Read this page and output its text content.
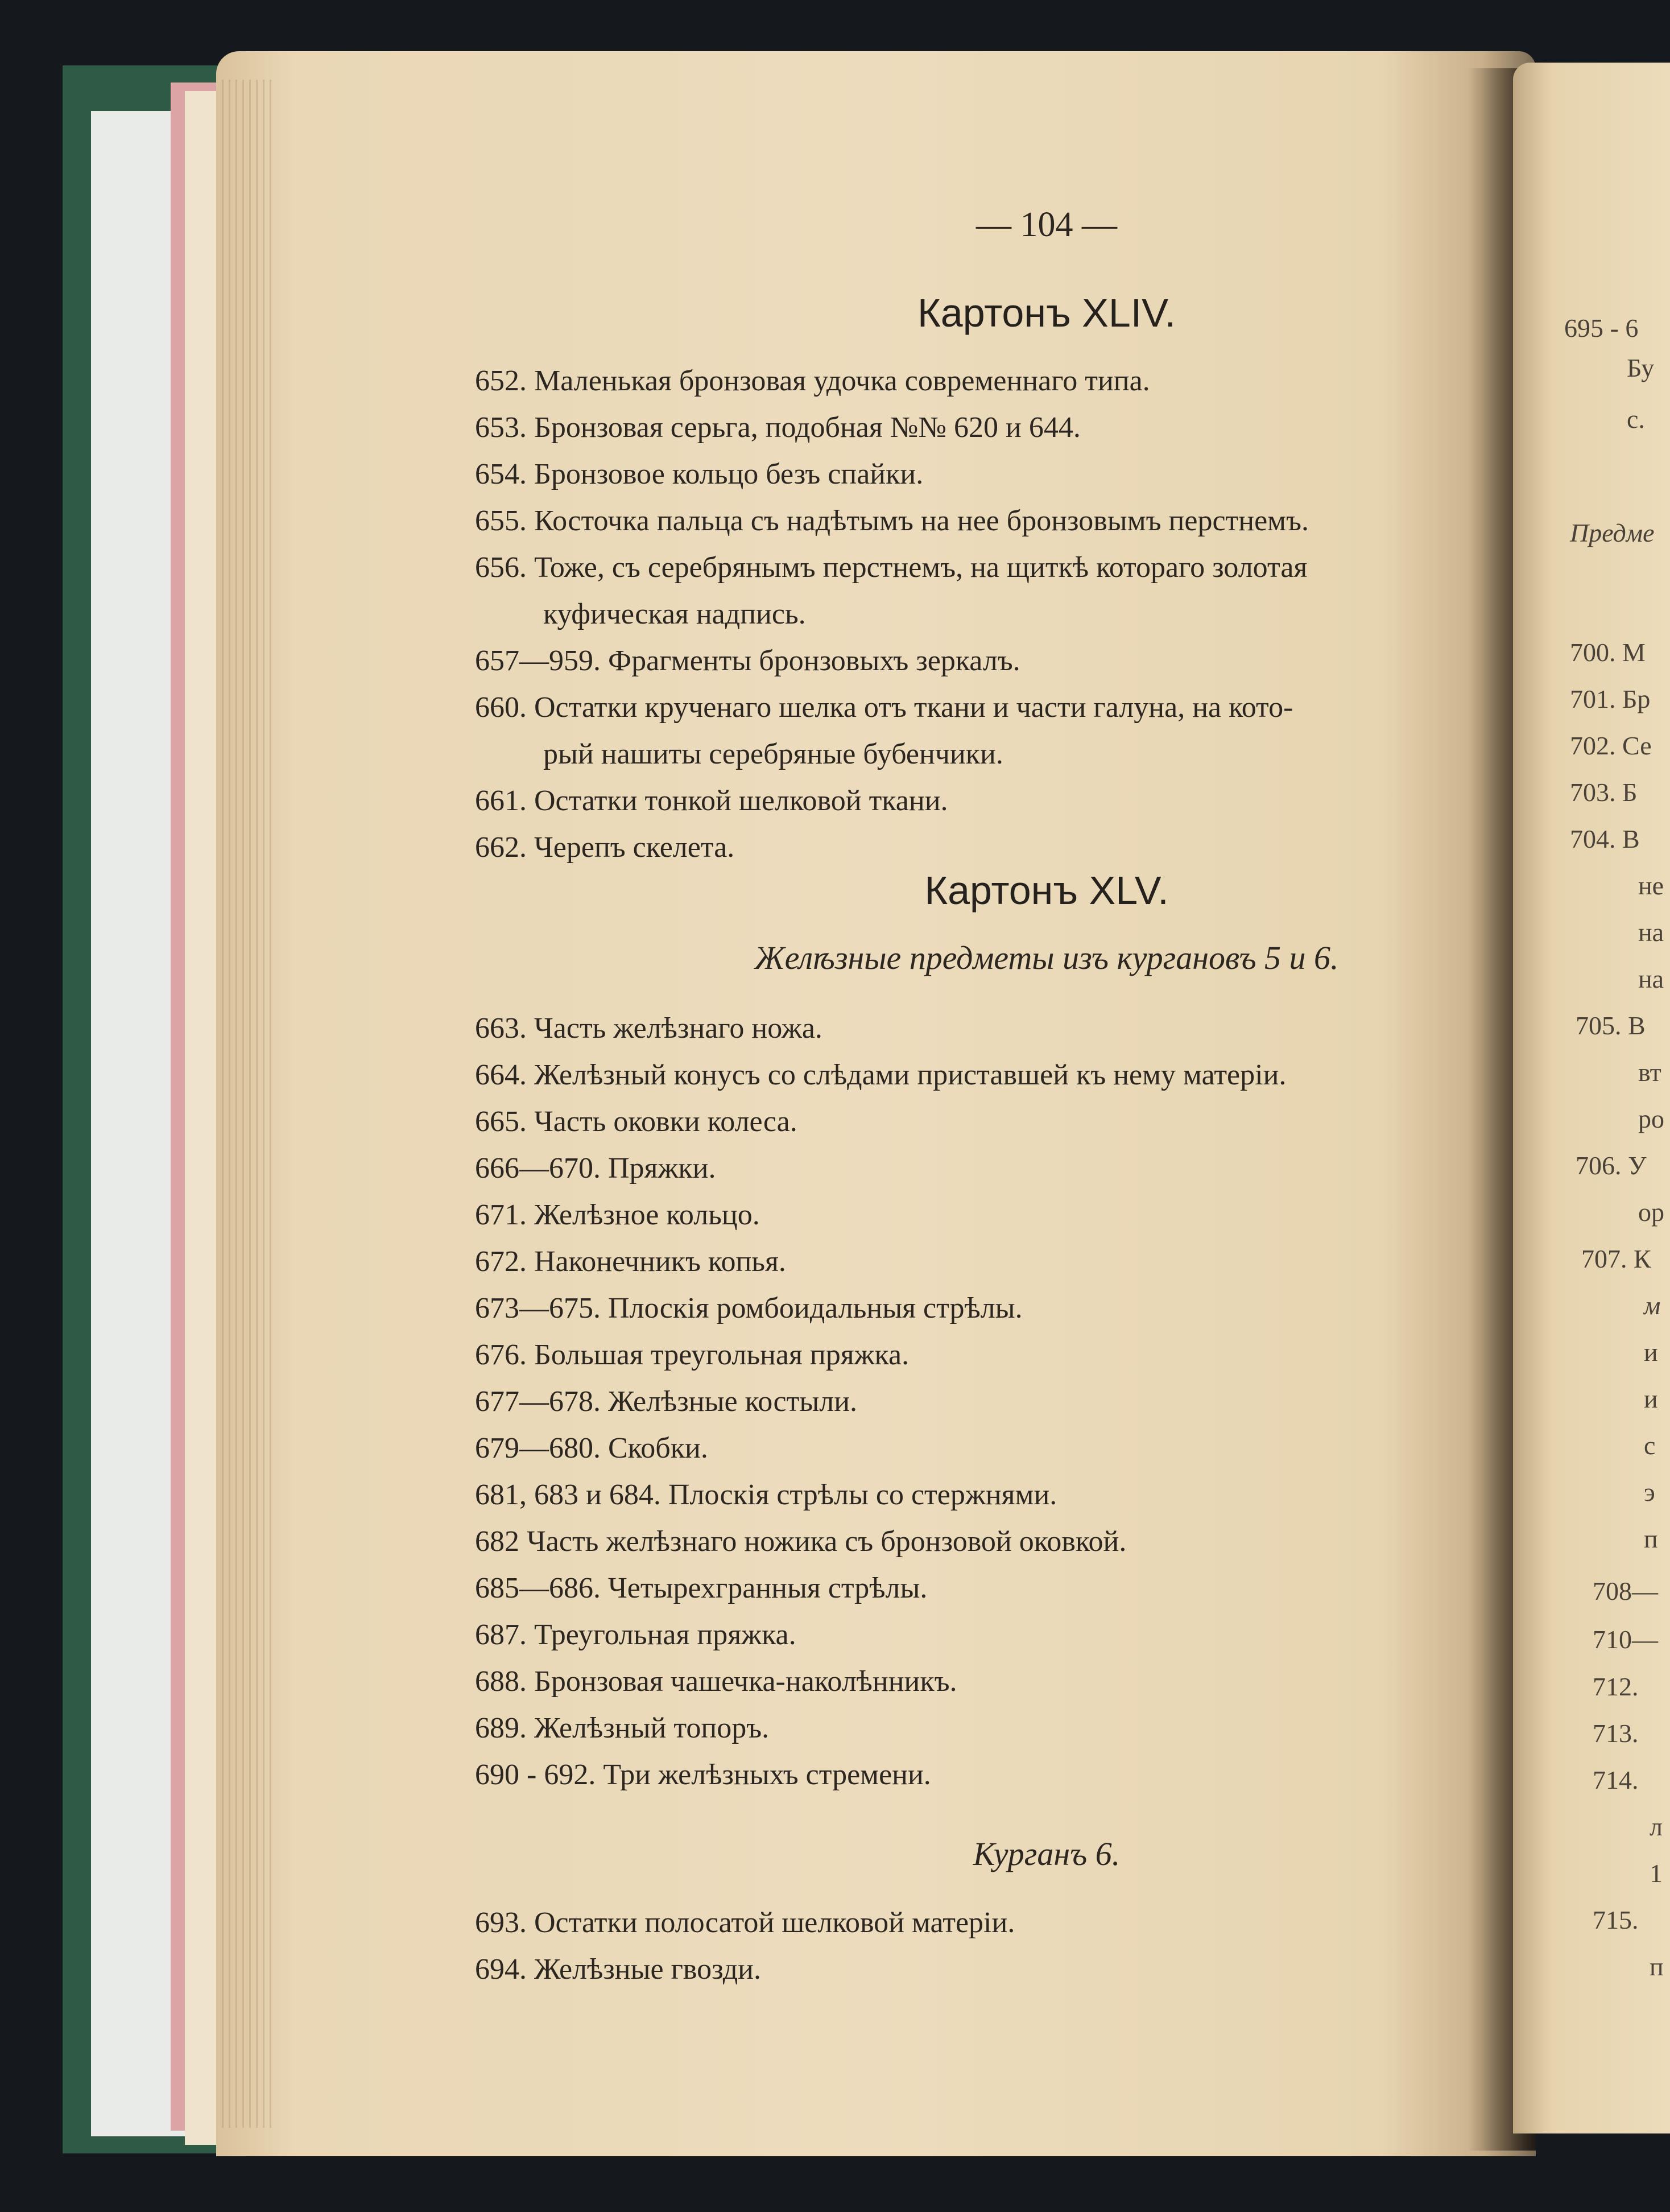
— 104 —
Картонъ XLIV.
652. Маленькая бронзовая удочка современнаго типа.
653. Бронзовая серьга, подобная №№ 620 и 644.
654. Бронзовое кольцо безъ спайки.
655. Косточка пальца съ надѣтымъ на нее бронзовымъ перстнемъ.
656. Тоже, съ серебрянымъ перстнемъ, на щиткѣ котораго золотая
куфическая надпись.
657—959. Фрагменты бронзовыхъ зеркалъ.
660. Остатки крученаго шелка отъ ткани и части галуна, на кото-
рый нашиты серебряные бубенчики.
661. Остатки тонкой шелковой ткани.
662. Черепъ скелета.
Картонъ XLV.
Желѣзные предметы изъ кургановъ 5 и 6.
663. Часть желѣзнаго ножа.
664. Желѣзный конусъ со слѣдами приставшей къ нему матеріи.
665. Часть оковки колеса.
666—670. Пряжки.
671. Желѣзное кольцо.
672. Наконечникъ копья.
673—675. Плоскія ромбоидальныя стрѣлы.
676. Большая треугольная пряжка.
677—678. Желѣзные костыли.
679—680. Скобки.
681, 683 и 684. Плоскія стрѣлы со стержнями.
682 Часть желѣзнаго ножика съ бронзовой оковкой.
685—686. Четырехгранныя стрѣлы.
687. Треугольная пряжка.
688. Бронзовая чашечка-наколѣнникъ.
689. Желѣзный топоръ.
690 - 692. Три желѣзныхъ стремени.
Курганъ 6.
693. Остатки полосатой шелковой матеріи.
694. Желѣзные гвозди.
695 - 6
Бу
с.
Предме
700. М
701. Бр
702. Се
703. Б
704. В
не
на
на
705. В
вт
ро
706. У
ор
707. К
м
и
и
с
э
п
708—
710—
712.
713.
714.
л
1
715.
п
